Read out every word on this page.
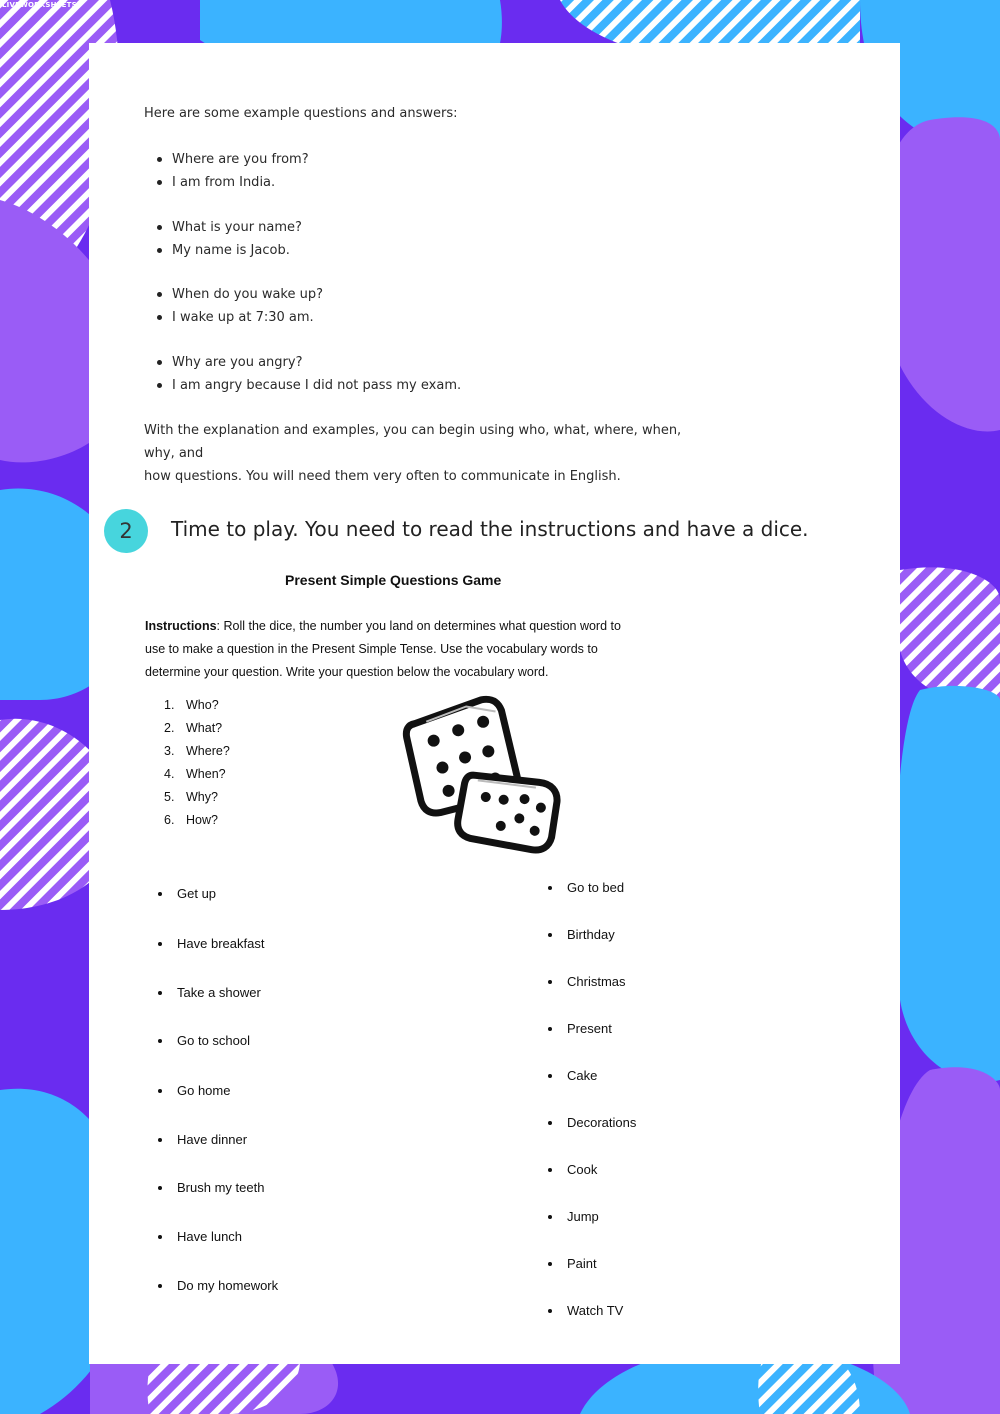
LIVEWORKSHEETS
Here are some example questions and answers:
Where are you from?
I am from India.
What is your name?
My name is Jacob.
When do you wake up?
I wake up at 7:30 am.
Why are you angry?
I am angry because I did not pass my exam.
With the explanation and examples, you can begin using who, what, where, when, why, and
how questions. You will need them very often to communicate in English.
2	Time to play. You need to read the instructions and have a dice.
Present Simple Questions Game
Instructions: Roll the dice, the number you land on determines what question word to
use to make a question in the Present Simple Tense. Use the vocabulary words to
determine your question. Write your question below the vocabulary word.
1. Who?
2. What?
3. Where?
4. When?
5. Why?
6. How?
Get up
Have breakfast
Take a shower
Go to school
Go home
Have dinner
Brush my teeth
Have lunch
Do my homework
Go to bed
Birthday
Christmas
Present
Cake
Decorations
Cook
Jump
Paint
Watch TV
